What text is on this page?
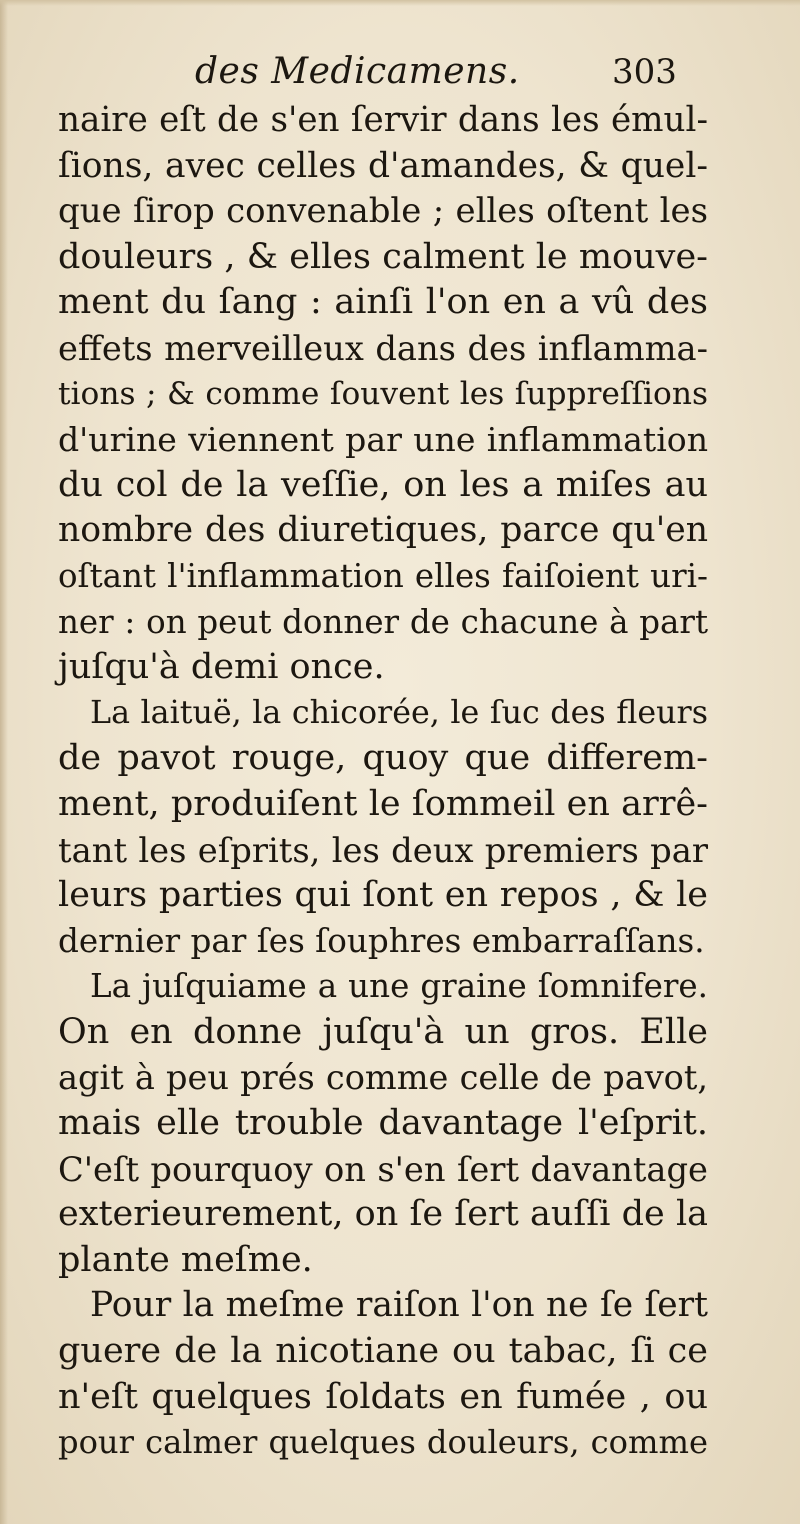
des Medicamens.	303
naire eſt de s'en ſervir dans les émul-
ſions, avec celles d'amandes, & quel-
que ſirop convenable ; elles oſtent les
douleurs , & elles calment le mouve-
ment du ſang : ainſi l'on en a vû des
effets merveilleux dans des inflamma-
tions ; & comme ſouvent les ſuppreſſions
d'urine viennent par une inflammation
du col de la veſſie, on les a miſes au
nombre des diuretiques, parce qu'en
oſtant l'inflammation elles faiſoient uri-
ner : on peut donner de chacune à part
juſqu'à demi once.
La laituë, la chicorée, le ſuc des fleurs
de pavot rouge, quoy que differem-
ment, produiſent le ſommeil en arrê-
tant les eſprits, les deux premiers par
leurs parties qui ſont en repos , & le
dernier par ſes ſouphres embarraſſans.
La juſquiame a une graine ſomnifere.
On en donne juſqu'à un gros. Elle
agit à peu prés comme celle de pavot,
mais elle trouble davantage l'eſprit.
C'eſt pourquoy on s'en ſert davantage
exterieurement, on ſe ſert auſſi de la
plante meſme.
Pour la meſme raiſon l'on ne ſe ſert
guere de la nicotiane ou tabac, ſi ce
n'eſt quelques ſoldats en fumée , ou
pour calmer quelques douleurs, comme
